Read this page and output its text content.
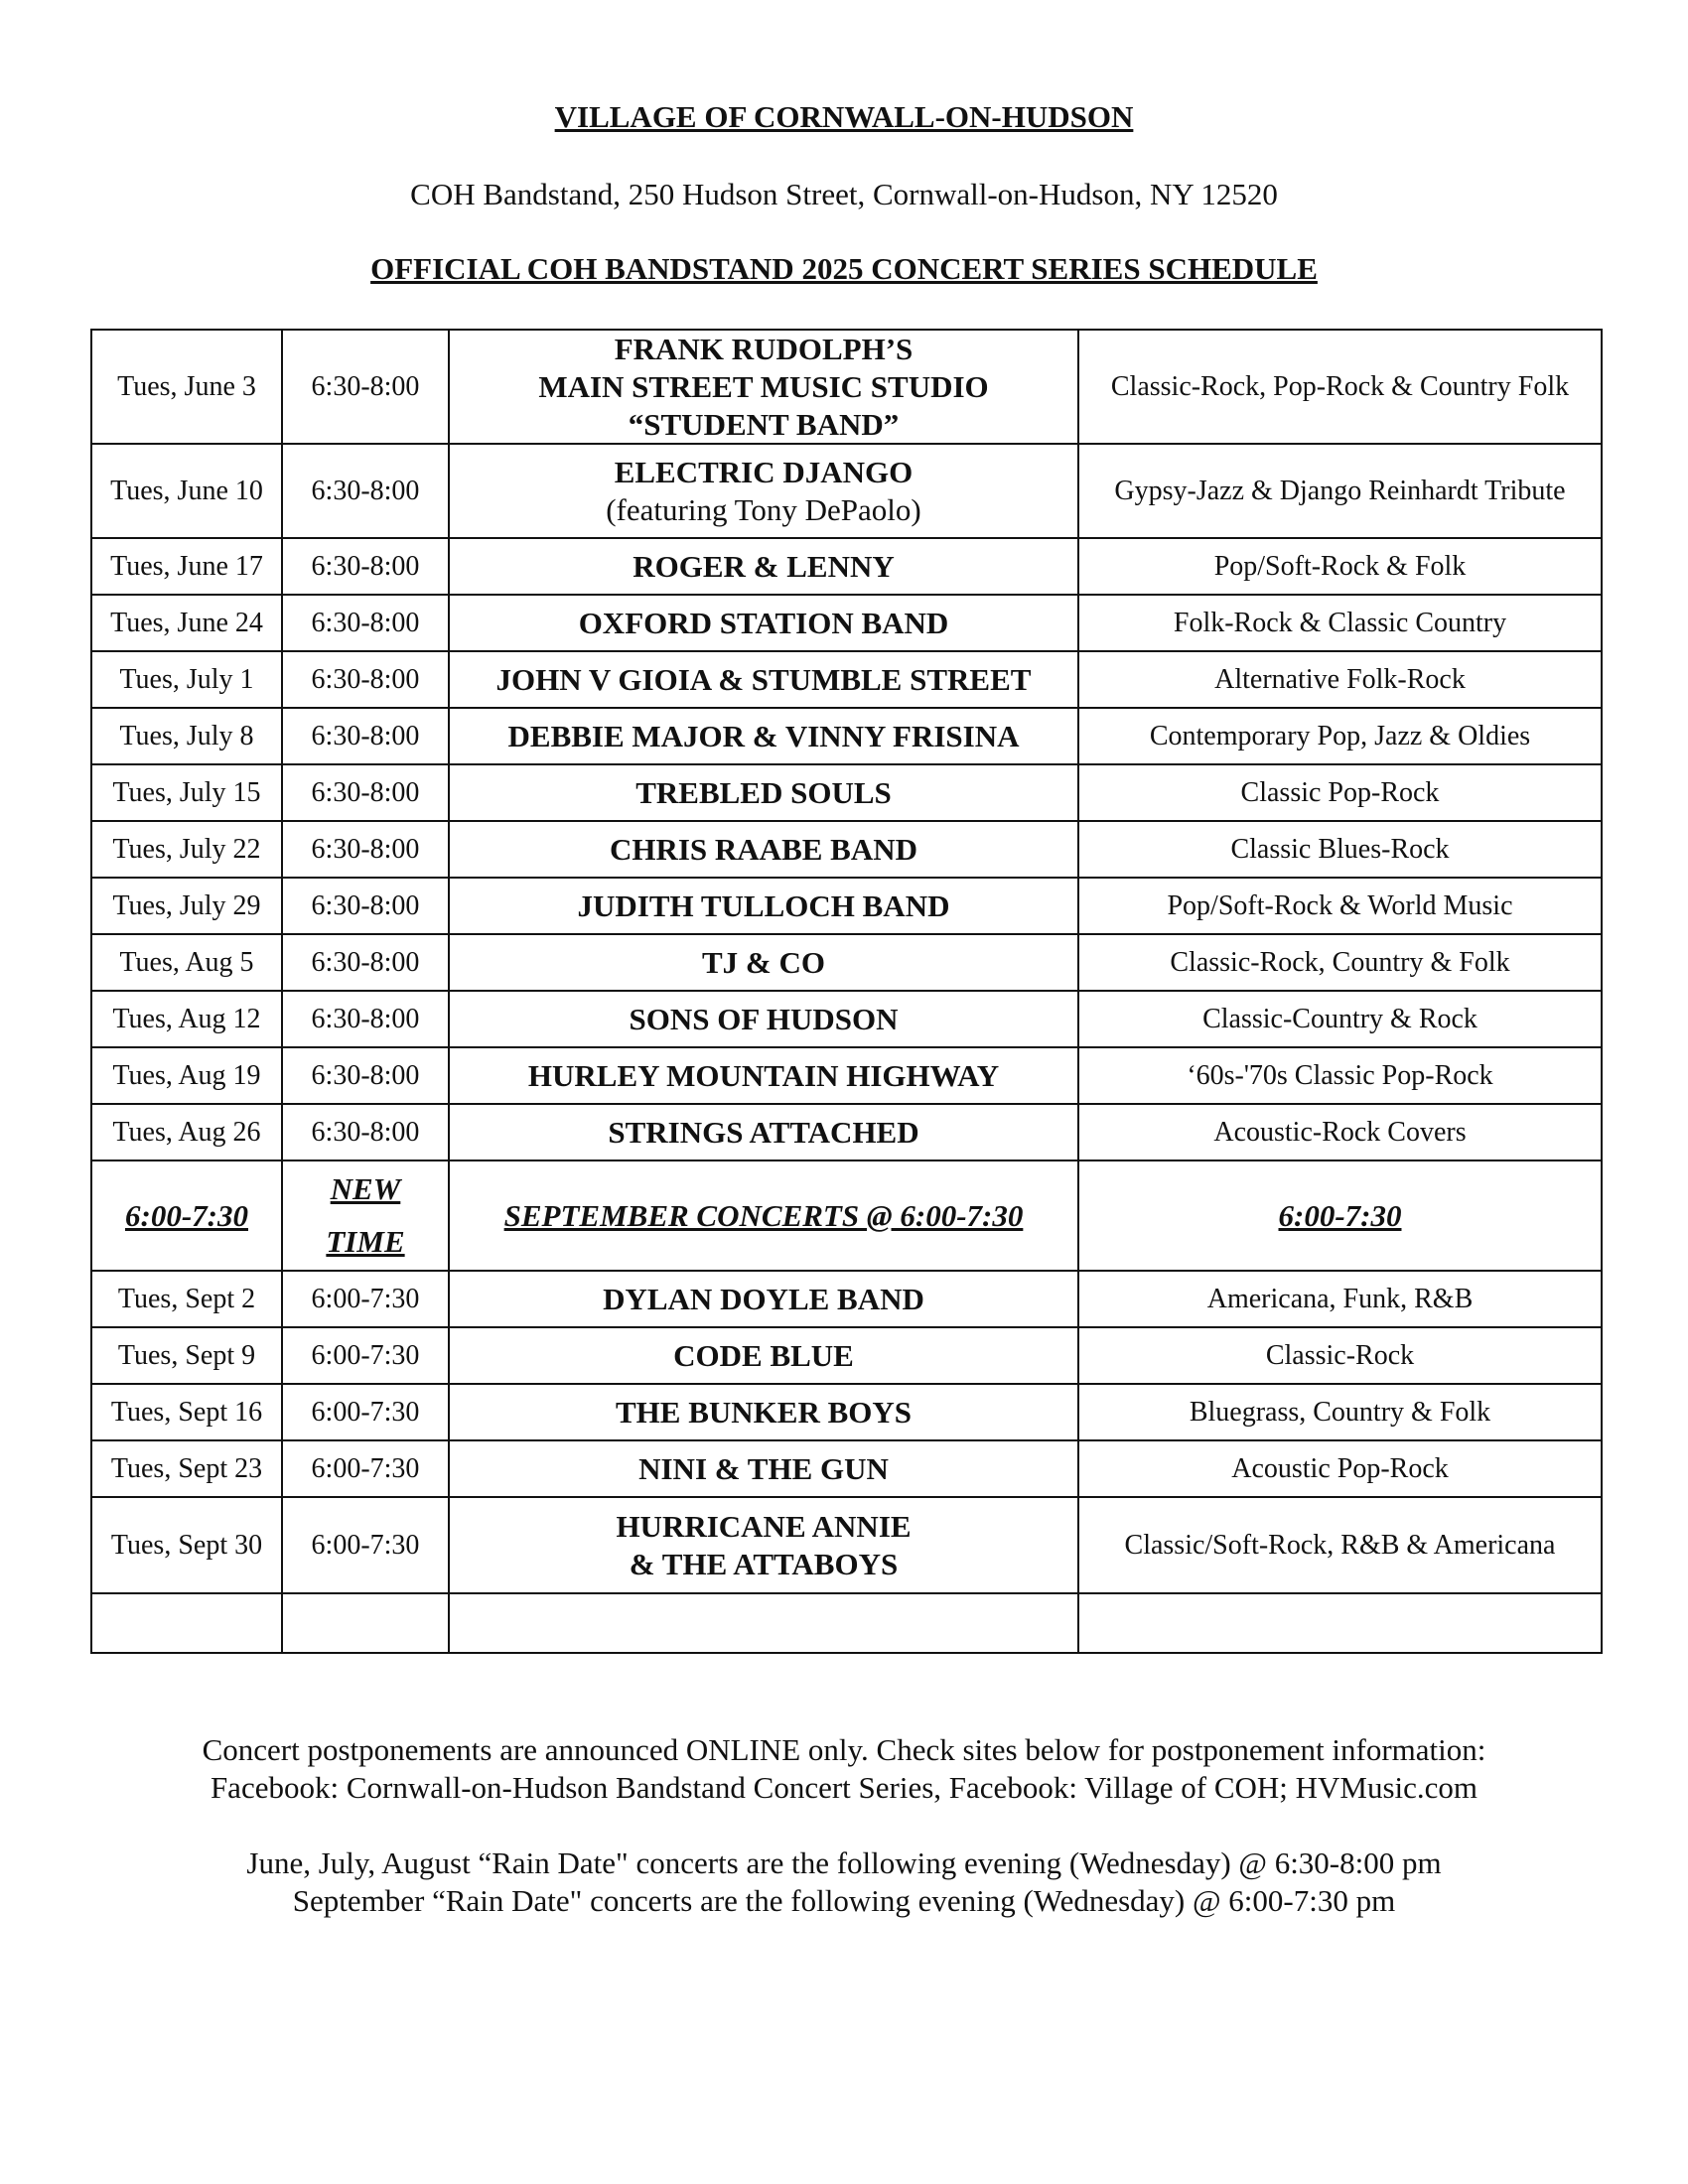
VILLAGE OF CORNWALL-ON-HUDSON
COH Bandstand, 250 Hudson Street, Cornwall-on-Hudson, NY 12520
OFFICIAL COH BANDSTAND 2025 CONCERT SERIES SCHEDULE
Tues, June 3	6:30-8:00	FRANK RUDOLPH’S
MAIN STREET MUSIC STUDIO
“STUDENT BAND”	Classic-Rock, Pop-Rock & Country Folk
Tues, June 10	6:30-8:00	ELECTRIC DJANGO
(featuring Tony DePaolo)	Gypsy-Jazz & Django Reinhardt Tribute
Tues, June 17	6:30-8:00	ROGER & LENNY	Pop/Soft-Rock & Folk
Tues, June 24	6:30-8:00	OXFORD STATION BAND	Folk-Rock & Classic Country
Tues, July 1	6:30-8:00	JOHN V GIOIA & STUMBLE STREET	Alternative Folk-Rock
Tues, July 8	6:30-8:00	DEBBIE MAJOR & VINNY FRISINA	Contemporary Pop, Jazz & Oldies
Tues, July 15	6:30-8:00	TREBLED SOULS	Classic Pop-Rock
Tues, July 22	6:30-8:00	CHRIS RAABE BAND	Classic Blues-Rock
Tues, July 29	6:30-8:00	JUDITH TULLOCH BAND	Pop/Soft-Rock & World Music
Tues, Aug 5	6:30-8:00	TJ & CO	Classic-Rock, Country & Folk
Tues, Aug 12	6:30-8:00	SONS OF HUDSON	Classic-Country & Rock
Tues, Aug 19	6:30-8:00	HURLEY MOUNTAIN HIGHWAY	‘60s-'70s Classic Pop-Rock
Tues, Aug 26	6:30-8:00	STRINGS ATTACHED	Acoustic-Rock Covers
6:00-7:30	NEW
TIME	SEPTEMBER CONCERTS @ 6:00-7:30	6:00-7:30
Tues, Sept 2	6:00-7:30	DYLAN DOYLE BAND	Americana, Funk, R&B
Tues, Sept 9	6:00-7:30	CODE BLUE	Classic-Rock
Tues, Sept 16	6:00-7:30	THE BUNKER BOYS	Bluegrass, Country & Folk
Tues, Sept 23	6:00-7:30	NINI & THE GUN	Acoustic Pop-Rock
Tues, Sept 30	6:00-7:30	HURRICANE ANNIE
& THE ATTABOYS	Classic/Soft-Rock, R&B & Americana

Concert postponements are announced ONLINE only. Check sites below for postponement information:
Facebook: Cornwall-on-Hudson Bandstand Concert Series, Facebook: Village of COH; HVMusic.com
June, July, August “Rain Date" concerts are the following evening (Wednesday) @ 6:30-8:00 pm
September “Rain Date" concerts are the following evening (Wednesday) @ 6:00-7:30 pm
